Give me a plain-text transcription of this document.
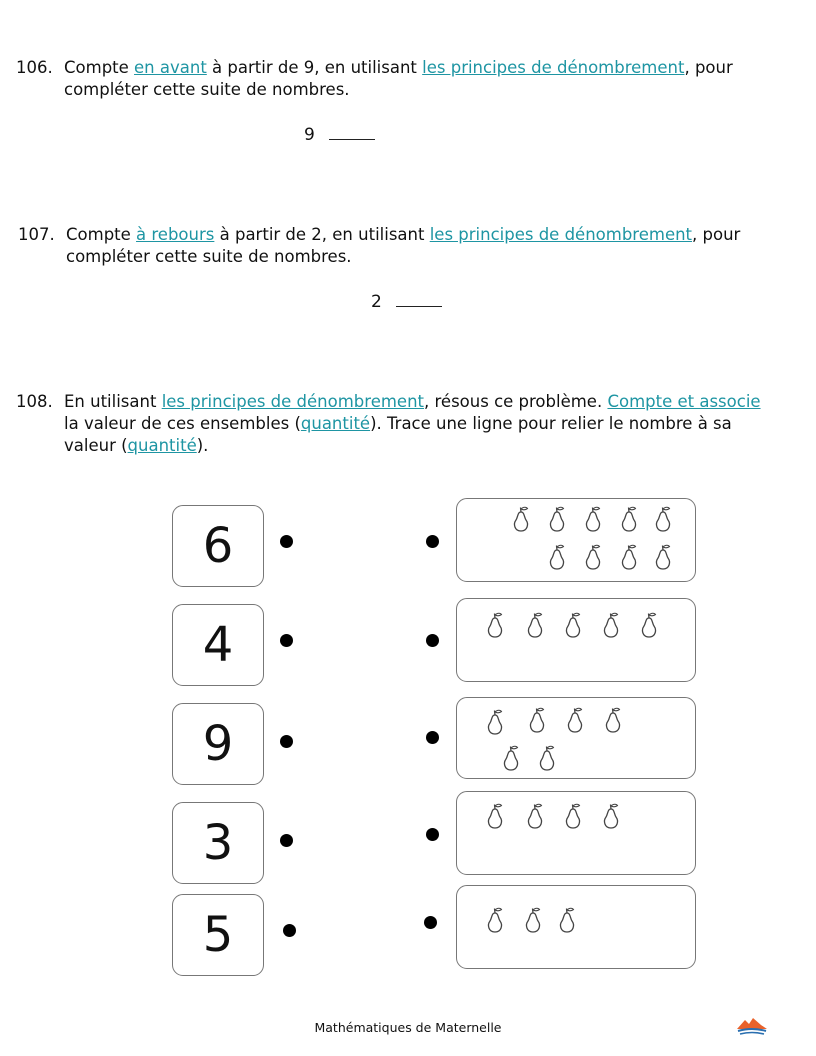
106. Compte en avant à partir de 9, en utilisant les principes de dénombrement, pour
compléter cette suite de nombres.
9
107. Compte à rebours à partir de 2, en utilisant les principes de dénombrement, pour
compléter cette suite de nombres.
2
108. En utilisant les principes de dénombrement, résous ce problème. Compte et associe
la valeur de ces ensembles (quantité). Trace une ligne pour relier le nombre à sa
valeur (quantité).
6
4
9
3
5
Mathématiques de Maternelle
